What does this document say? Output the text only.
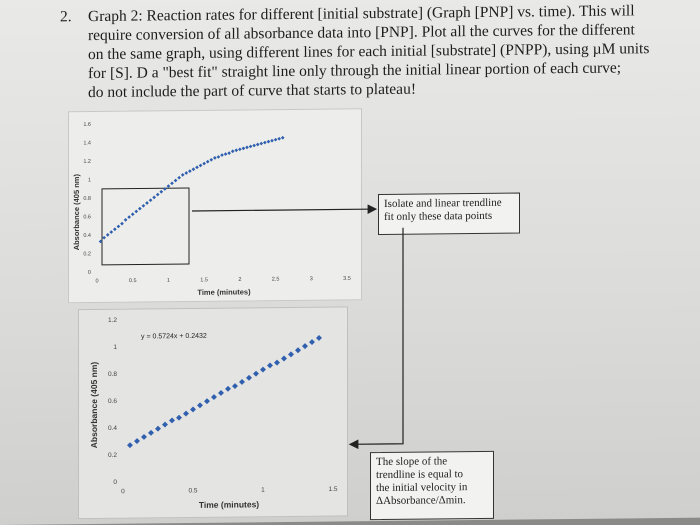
2. Graph 2: Reaction rates for different [initial substrate] (Graph [PNP] vs. time). This will
require conversion of all absorbance data into [PNP]. Plot all the curves for the different
on the same graph, using different lines for each initial [substrate] (PNPP), using µM units
for [S]. D a "best fit" straight line only through the initial linear portion of each curve;
do not include the part of curve that starts to plateau!
Absorbance (405 nm)
Time (minutes)
0	0.5	1	1.5	2	2.5	3	3.5
0
0.2
0.4
0.6
0.8
1
1.2
1.4
1.6
Absorbance (405 nm)
Time (minutes)
y = 0.5724x + 0.2432
0	0.5	1	1.5
0
0.2
0.4
0.6
0.8
1
1.2
Isolate and linear trendline
fit only these data points
The slope of the
trendline is equal to
the initial velocity in
ΔAbsorbance/Δmin.
